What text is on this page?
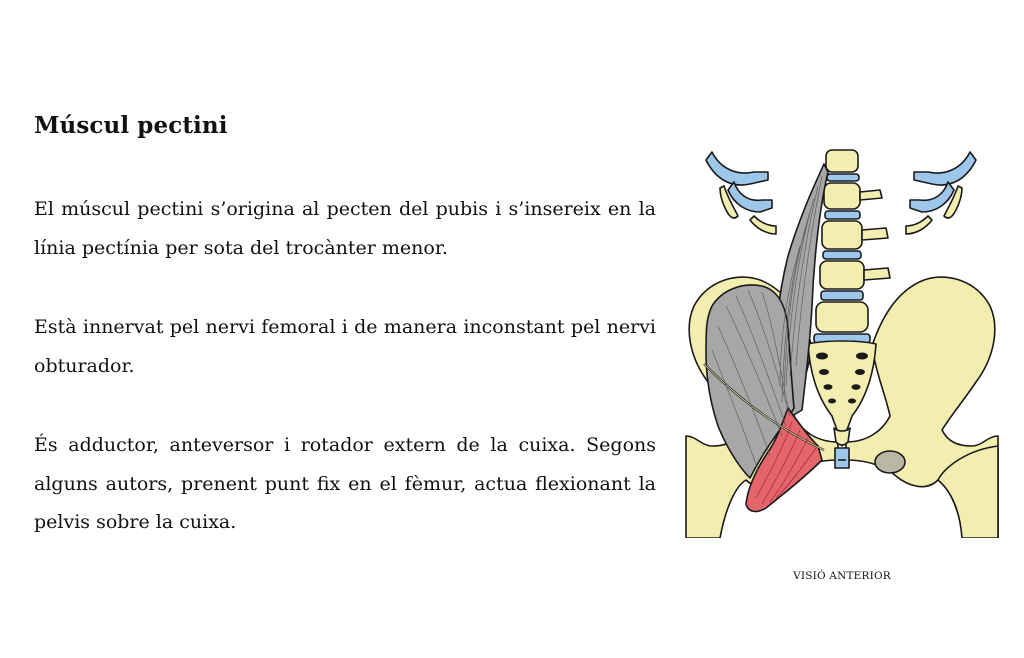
Múscul pectini

El múscul pectini s’origina al pecten del pubis i s’insereix en la línia pectínia per sota del trocànter menor.

Està innervat pel nervi femoral i de manera inconstant pel nervi obturador.

És adductor, anteversor i rotador extern de la cuixa. Segons alguns autors, prenent punt fix en el fèmur, actua flexionant la pelvis sobre la cuixa.

VISIÓ ANTERIOR
